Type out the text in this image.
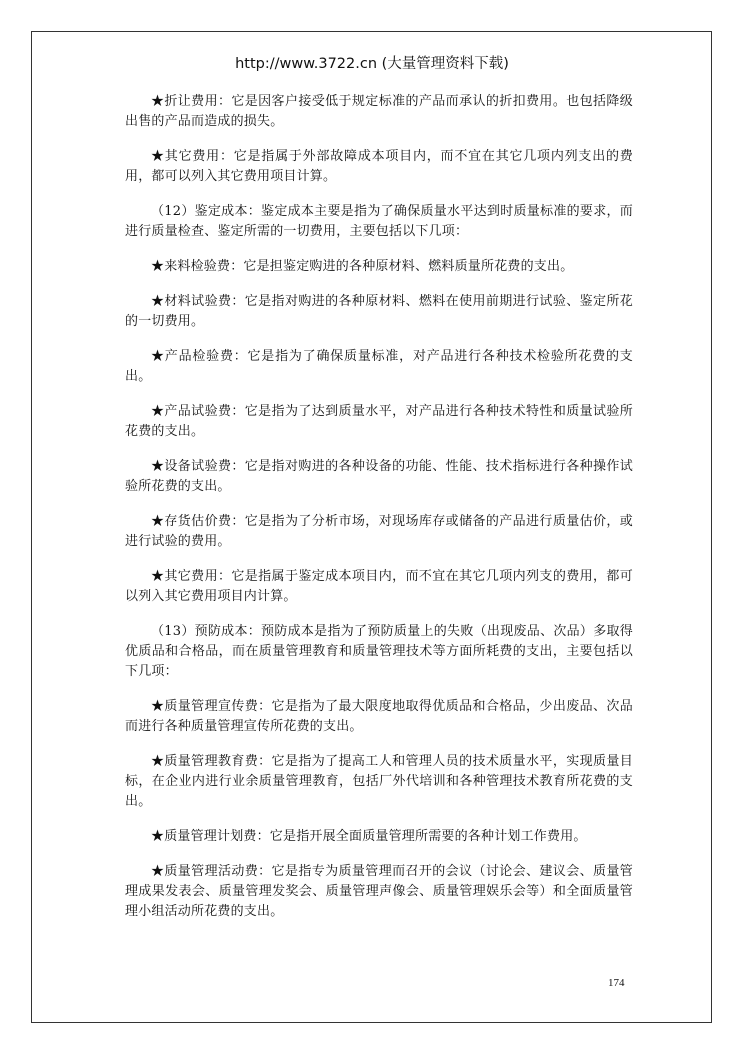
http://www.3722.cn (大量管理资料下载)

★折让费用：它是因客户接受低于规定标准的产品而承认的折扣费用。也包括降级出售的产品而造成的损失。

★其它费用：它是指属于外部故障成本项目内，而不宜在其它几项内列支出的费用，都可以列入其它费用项目计算。

（12）鉴定成本：鉴定成本主要是指为了确保质量水平达到时质量标准的要求，而进行质量检查、鉴定所需的一切费用，主要包括以下几项：

★来料检验费：它是担鉴定购进的各种原材料、燃料质量所花费的支出。

★材料试验费：它是指对购进的各种原材料、燃料在使用前期进行试验、鉴定所花的一切费用。

★产品检验费：它是指为了确保质量标准，对产品进行各种技术检验所花费的支出。

★产品试验费：它是指为了达到质量水平，对产品进行各种技术特性和质量试验所花费的支出。

★设备试验费：它是指对购进的各种设备的功能、性能、技术指标进行各种操作试验所花费的支出。

★存货估价费：它是指为了分析市场，对现场库存或储备的产品进行质量估价，或进行试验的费用。

★其它费用：它是指属于鉴定成本项目内，而不宜在其它几项内列支的费用，都可以列入其它费用项目内计算。

（13）预防成本：预防成本是指为了预防质量上的失败（出现废品、次品）多取得优质品和合格品，而在质量管理教育和质量管理技术等方面所耗费的支出，主要包括以下几项：

★质量管理宣传费：它是指为了最大限度地取得优质品和合格品，少出废品、次品而进行各种质量管理宣传所花费的支出。

★质量管理教育费：它是指为了提高工人和管理人员的技术质量水平，实现质量目标，在企业内进行业余质量管理教育，包括厂外代培训和各种管理技术教育所花费的支出。

★质量管理计划费：它是指开展全面质量管理所需要的各种计划工作费用。

★质量管理活动费：它是指专为质量管理而召开的会议（讨论会、建议会、质量管理成果发表会、质量管理发奖会、质量管理声像会、质量管理娱乐会等）和全面质量管理小组活动所花费的支出。

174
